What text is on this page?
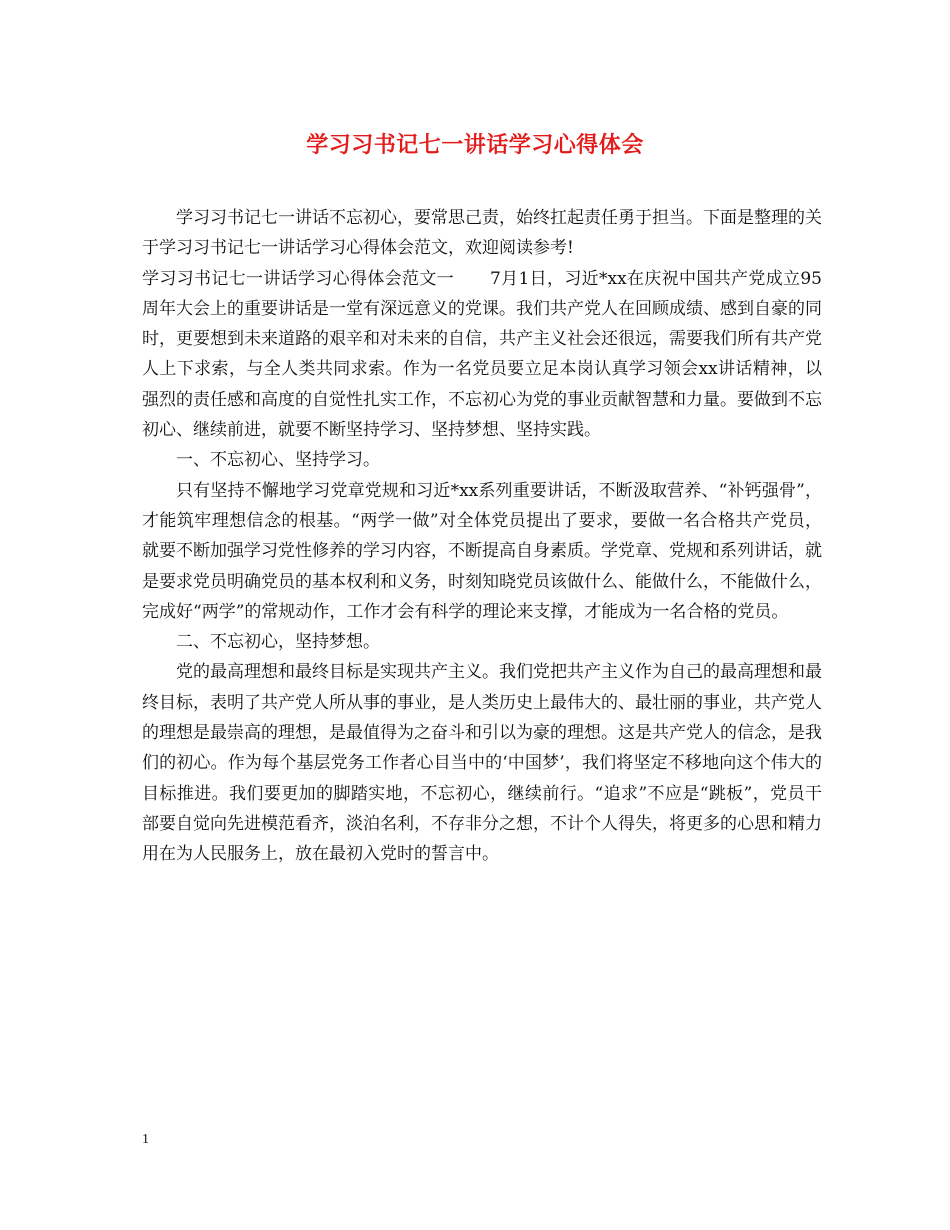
学习习书记七一讲话学习心得体会

学习习书记七一讲话不忘初心，要常思己责，始终扛起责任勇于担当。下面是整理的关于学习习书记七一讲话学习心得体会范文，欢迎阅读参考!

学习习书记七一讲话学习心得体会范文一 7月1日，习近*xx在庆祝中国共产党成立95周年大会上的重要讲话是一堂有深远意义的党课。我们共产党人在回顾成绩、感到自豪的同时，更要想到未来道路的艰辛和对未来的自信，共产主义社会还很远，需要我们所有共产党人上下求索，与全人类共同求索。作为一名党员要立足本岗认真学习领会xx讲话精神，以强烈的责任感和高度的自觉性扎实工作，不忘初心为党的事业贡献智慧和力量。要做到不忘初心、继续前进，就要不断坚持学习、坚持梦想、坚持实践。

一、不忘初心、坚持学习。

只有坚持不懈地学习党章党规和习近*xx系列重要讲话，不断汲取营养、“补钙强骨”，才能筑牢理想信念的根基。“两学一做”对全体党员提出了要求，要做一名合格共产党员，就要不断加强学习党性修养的学习内容，不断提高自身素质。学党章、党规和系列讲话，就是要求党员明确党员的基本权利和义务，时刻知晓党员该做什么、能做什么，不能做什么，完成好“两学”的常规动作，工作才会有科学的理论来支撑，才能成为一名合格的党员。

二、不忘初心，坚持梦想。

党的最高理想和最终目标是实现共产主义。我们党把共产主义作为自己的最高理想和最终目标，表明了共产党人所从事的事业，是人类历史上最伟大的、最壮丽的事业，共产党人的理想是最崇高的理想，是最值得为之奋斗和引以为豪的理想。这是共产党人的信念，是我们的初心。作为每个基层党务工作者心目当中的‘中国梦’，我们将坚定不移地向这个伟大的目标推进。我们要更加的脚踏实地，不忘初心，继续前行。“追求”不应是“跳板”，党员干部要自觉向先进模范看齐，淡泊名利，不存非分之想，不计个人得失，将更多的心思和精力用在为人民服务上，放在最初入党时的誓言中。

1
